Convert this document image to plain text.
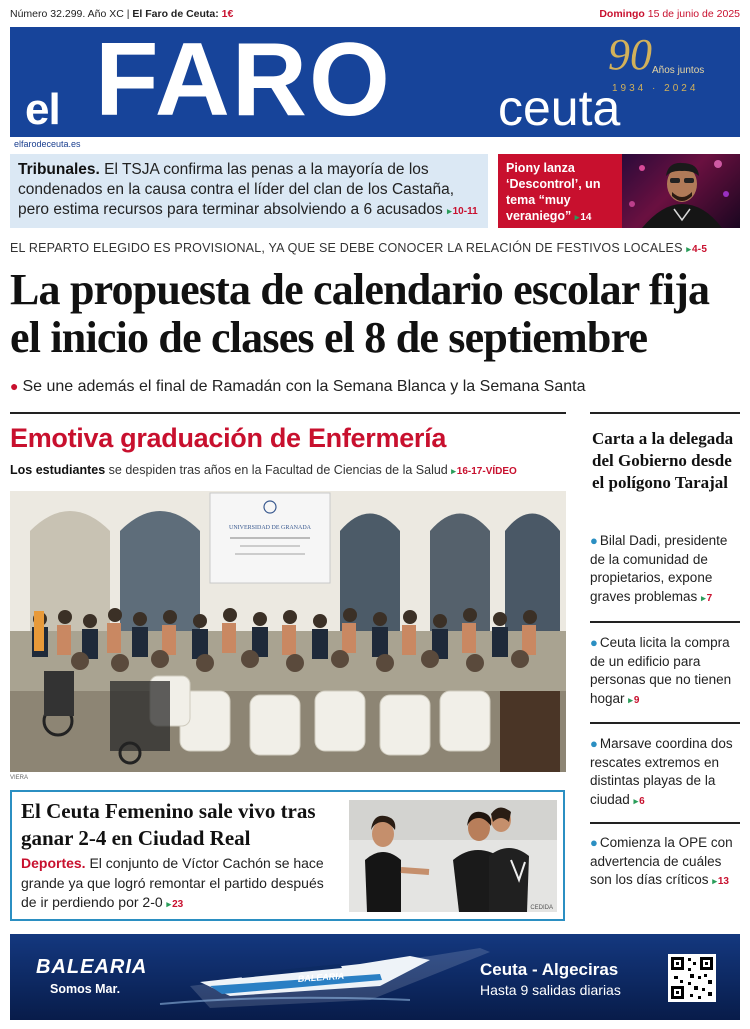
Número 32.299. Año XC | El Faro de Ceuta: 1€	Domingo 15 de junio de 2025
el FARO ceuta
90 Años juntos
1934 · 2024
elfarodeceuta.es
Tribunales. El TSJA confirma las penas a la mayoría de los condenados en la causa contra el líder del clan de los Castaña, pero estima recursos para terminar absolviendo a 6 acusados ▸ 10-11
Piony lanza ‘Descontrol’, un tema “muy veraniego” ▸ 14
EL REPARTO ELEGIDO ES PROVISIONAL, YA QUE SE DEBE CONOCER LA RELACIÓN DE FESTIVOS LOCALES ▸ 4-5
La propuesta de calendario escolar fija el inicio de clases el 8 de septiembre
● Se une además el final de Ramadán con la Semana Blanca y la Semana Santa
Emotiva graduación de Enfermería
Los estudiantes se despiden tras años en la Facultad de Ciencias de la Salud ▸ 16-17-VÍDEO
UNIVERSIDAD DE GRANADA
VIERA
El Ceuta Femenino sale vivo tras ganar 2-4 en Ciudad Real
Deportes. El conjunto de Víctor Cachón se hace grande ya que logró remontar el partido después de ir perdiendo por 2-0 ▸ 23	CEDIDA
Carta a la delegada del Gobierno desde el polígono Tarajal
● Bilal Dadi, presidente de la comunidad de propietarios, expone graves problemas ▸ 7
● Ceuta licita la compra de un edificio para personas que no tienen hogar ▸ 9
● Marsave coordina dos rescates extremos en distintas playas de la ciudad ▸ 6
● Comienza la OPE con advertencia de cuáles son los días críticos ▸ 13
BALEARIA
BALEARIA
Somos Mar.
Ceuta - Algeciras
Hasta 9 salidas diarias
